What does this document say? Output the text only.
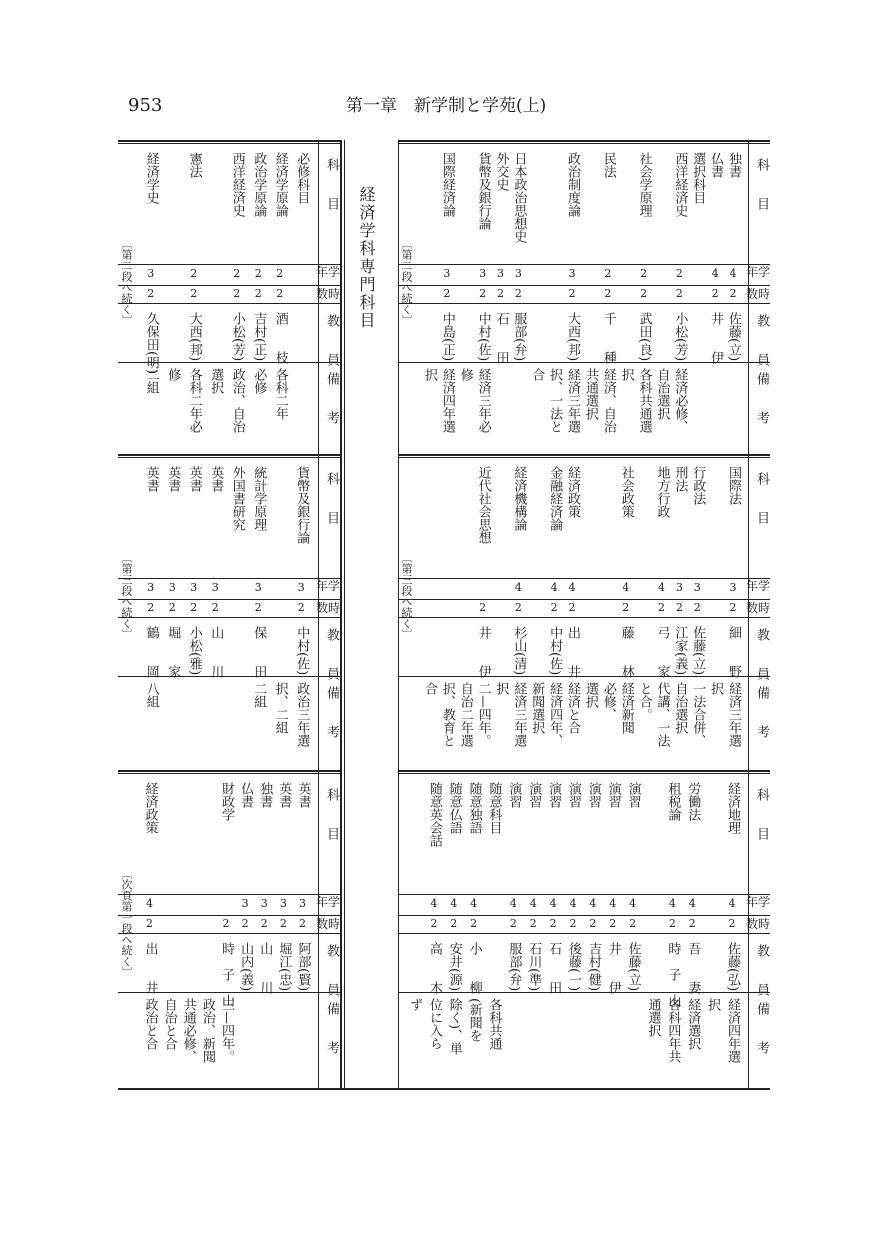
953	第一章　新学制と学苑(上)
経済学科専門科目
科　　目
年学
数時
教　　員
備　　考
独書
4
2
佐藤(立)
仏書
4
2
井　　伊
選択科目
西洋経済史
2
2
小松(芳)
経済必修、
自治選択
社会学原理
2
2
武田(良)
各科共通選
択
民法
2
2
千　　種
経済、自治
共通選択
政治制度論
3
2
大西(邦)
経済三年選
択、一法と
合
日本政治思想史
3
2
服部(弁)
外交史
3
2
石　　田
貨幣及銀行論
3
2
中村(佐)
経済三年必
修
国際経済論
3
2
中島(正)
経済四年選
択
〔第二段へ続く〕
科　　目
年学
数時
教　　員
備　　考
国際法
3
2
細　　野
経済三年選
択
行政法
3
2
佐藤(立)
一法合併、
刑法
3
2
江家(義)
自治選択
地方行政
4
2
弓　　家
代講、一法
と合。
社会政策
4
2
藤　　林
経済新聞
必修、
選択
経済政策
4
2
出　　井
経済と合
金融経済論
4
2
中村(佐)
経済四年、
新聞選択
経済機構論
4
2
杉山(清)
経済三年選
択
近代社会思想
2
井　　伊
二—四年。
自治二年選
択、教育と
合
〔第三段へ続く〕
科　　目
年学
数時
教　　員
備　　考
経済地理
4
2
佐藤(弘)
経済四年選
択
労働法
4
2
吾　　妻
経済選択
租税論
4
2
時　子　山
各科四年共
通選択
演習
4
2
佐藤(立)
演習
4
2
井　　伊
演習
4
2
吉村(健)
演習
4
2
後藤(一)
演習
4
2
石　　田
演習
4
2
石川(準)
演習
4
2
服部(弁)
随意科目
各科共通
随意独語
4
2
小　　柳
(新聞を
随意仏語
4
2
安井(源)
除く)、単
随意英会話
4
2
高　　木
位に入ら
ず
科　　目
年学
数時
教　　員
備　　考
必修科目
経済学原論
2
2
酒　　枝
各科二年
政治学原論
2
2
吉村(正)
必修
西洋経済史
2
2
小松(芳)
政治、自治
選択
憲法
2
2
大西(邦)
各科二年必
修
経済学史
3
2
久保田(明)
二組
〔第二段へ続く〕
科　　目
年学
数時
教　　員
備　　考
貨幣及銀行論
3
2
中村(佐)
政治三年選
択、二組
統計学原理
3
2
保　　田
二組
外国書研究
英書
3
2
山　　川
英書
3
2
小松(雅)
英書
3
2
堀　　家
英書
3
2
鶴　　岡
八組
〔第三段へ続く〕
科　　目
年学
数時
教　　員
備　　考
英書
3
2
阿部(賢)
英書
3
2
堀江(忠)
独書
3
2
山　　川
仏書
3
2
山内(義)
財政学
2
時　子　山
三—四年。
政治、新聞
共通必修、
自治と合
経済政策
4
2
出　　井
政治と合
〔次頁第一段へ続く〕
